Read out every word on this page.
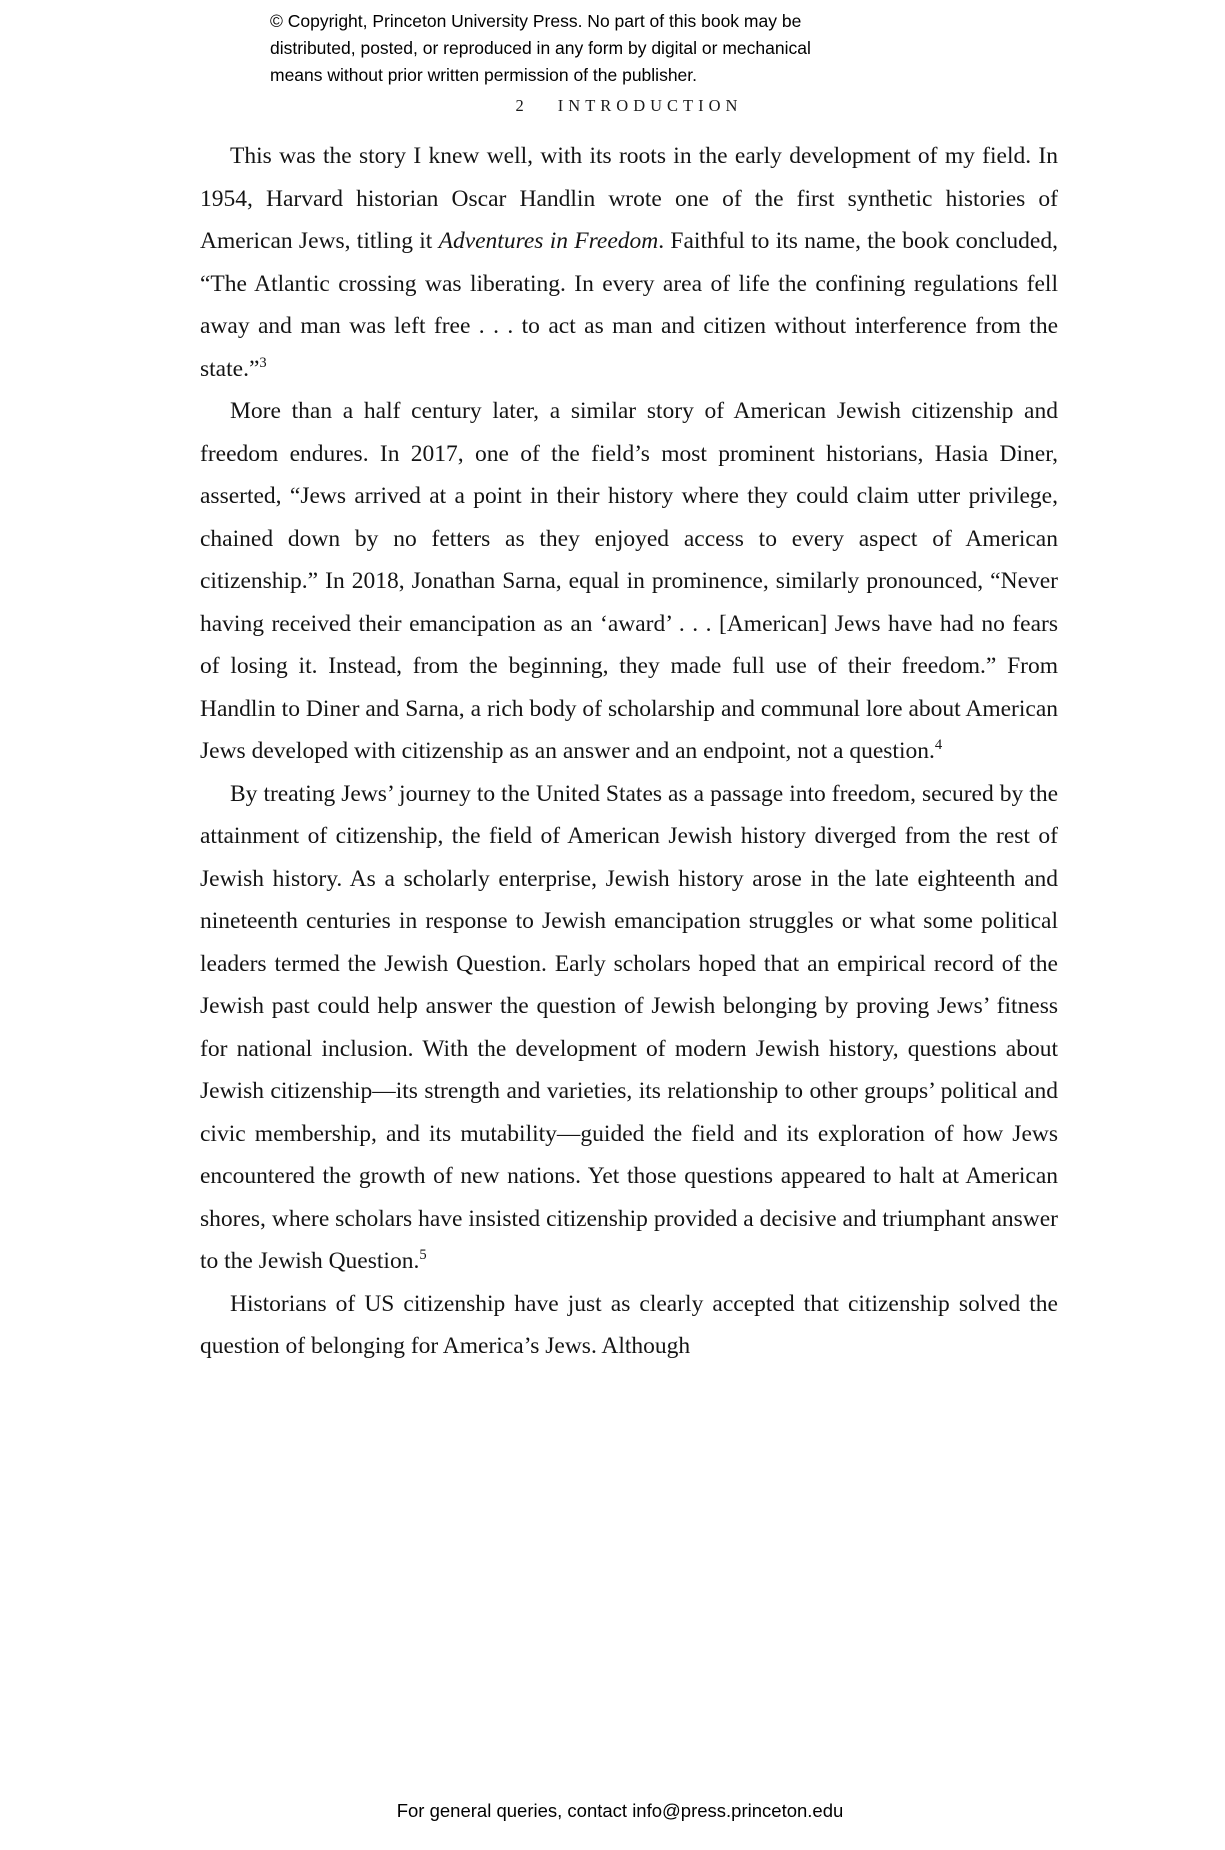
© Copyright, Princeton University Press. No part of this book may be
distributed, posted, or reproduced in any form by digital or mechanical
means without prior written permission of the publisher.
2 INTRODUCTION

This was the story I knew well, with its roots in the early development of my field. In 1954, Harvard historian Oscar Handlin wrote one of the first synthetic histories of American Jews, titling it Adventures in Freedom. Faithful to its name, the book concluded, “The Atlantic crossing was liberating. In every area of life the confining regulations fell away and man was left free . . . to act as man and citizen without interference from the state.”$^3$

More than a half century later, a similar story of American Jewish citizenship and freedom endures. In 2017, one of the field’s most prominent historians, Hasia Diner, asserted, “Jews arrived at a point in their history where they could claim utter privilege, chained down by no fetters as they enjoyed access to every aspect of American citizenship.” In 2018, Jonathan Sarna, equal in prominence, similarly pronounced, “Never having received their emancipation as an ‘award’ . . . [American] Jews have had no fears of losing it. Instead, from the beginning, they made full use of their freedom.” From Handlin to Diner and Sarna, a rich body of scholarship and communal lore about American Jews developed with citizenship as an answer and an endpoint, not a question.$^4$

By treating Jews’ journey to the United States as a passage into freedom, secured by the attainment of citizenship, the field of American Jewish history diverged from the rest of Jewish history. As a scholarly enterprise, Jewish history arose in the late eighteenth and nineteenth centuries in response to Jewish emancipation struggles or what some political leaders termed the Jewish Question. Early scholars hoped that an empirical record of the Jewish past could help answer the question of Jewish belonging by proving Jews’ fitness for national inclusion. With the development of modern Jewish history, questions about Jewish citizenship—its strength and varieties, its relationship to other groups’ political and civic membership, and its mutability—guided the field and its exploration of how Jews encountered the growth of new nations. Yet those questions appeared to halt at American shores, where scholars have insisted citizenship provided a decisive and triumphant answer to the Jewish Question.$^5$

Historians of US citizenship have just as clearly accepted that citizenship solved the question of belonging for America’s Jews. Although

For general queries, contact info@press.princeton.edu
